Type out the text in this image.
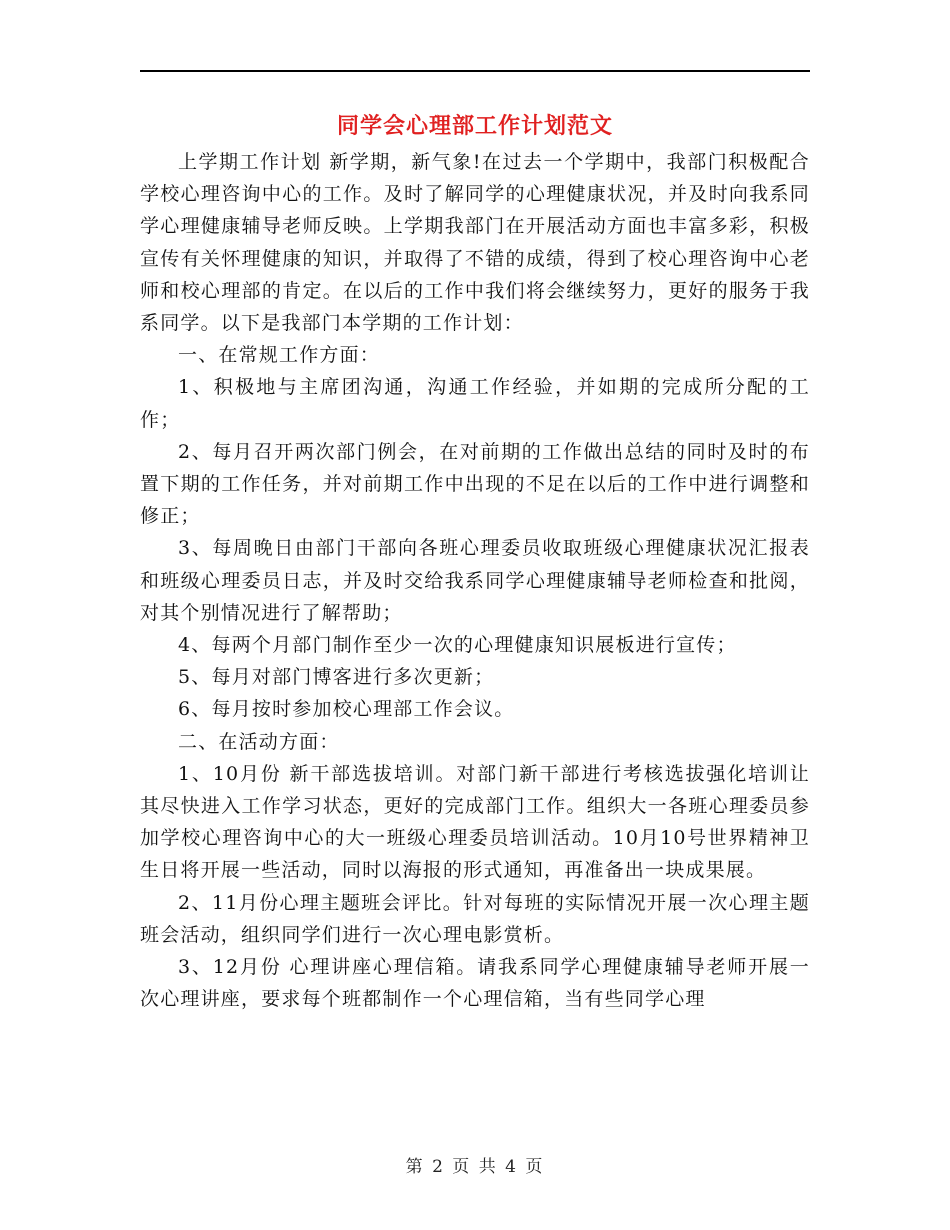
同学会心理部工作计划范文

上学期工作计划 新学期，新气象!在过去一个学期中，我部门积极配合学校心理咨询中心的工作。及时了解同学的心理健康状况，并及时向我系同学心理健康辅导老师反映。上学期我部门在开展活动方面也丰富多彩，积极宣传有关怀理健康的知识，并取得了不错的成绩，得到了校心理咨询中心老师和校心理部的肯定。在以后的工作中我们将会继续努力，更好的服务于我系同学。以下是我部门本学期的工作计划：

一、在常规工作方面：

1、积极地与主席团沟通，沟通工作经验，并如期的完成所分配的工作；

2、每月召开两次部门例会，在对前期的工作做出总结的同时及时的布置下期的工作任务，并对前期工作中出现的不足在以后的工作中进行调整和修正；

3、每周晚日由部门干部向各班心理委员收取班级心理健康状况汇报表和班级心理委员日志，并及时交给我系同学心理健康辅导老师检查和批阅，对其个别情况进行了解帮助；

4、每两个月部门制作至少一次的心理健康知识展板进行宣传；

5、每月对部门博客进行多次更新；

6、每月按时参加校心理部工作会议。

二、在活动方面：

1、10月份 新干部选拔培训。对部门新干部进行考核选拔强化培训让其尽快进入工作学习状态，更好的完成部门工作。组织大一各班心理委员参加学校心理咨询中心的大一班级心理委员培训活动。10月10号世界精神卫生日将开展一些活动，同时以海报的形式通知，再准备出一块成果展。

2、11月份心理主题班会评比。针对每班的实际情况开展一次心理主题班会活动，组织同学们进行一次心理电影赏析。

3、12月份 心理讲座心理信箱。请我系同学心理健康辅导老师开展一次心理讲座，要求每个班都制作一个心理信箱，当有些同学心理

第 2 页 共 4 页
